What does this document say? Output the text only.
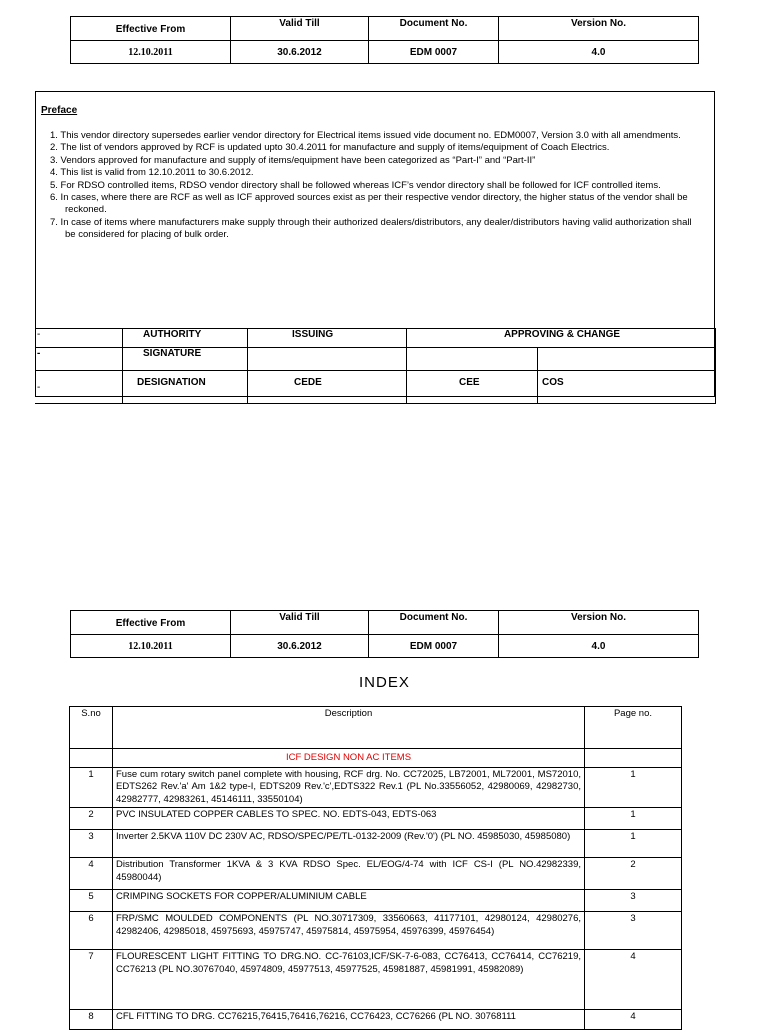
Effective From	Valid Till	Document No.	Version No.
12.10.2011	30.6.2012	EDM 0007	4.0
Preface
1. This vendor directory supersedes earlier vendor directory for Electrical items issued vide document no. EDM0007, Version 3.0 with all amendments.
2. The list of vendors approved by RCF is updated upto 30.4.2011 for manufacture and supply of items/equipment of Coach Electrics.
3. Vendors approved for manufacture and supply of items/equipment have been categorized as “Part-I” and “Part-II”
4. This list is valid from 12.10.2011 to 30.6.2012.
5. For RDSO controlled items, RDSO vendor directory shall be followed whereas ICF’s vendor directory shall be followed for ICF controlled items.
6. In cases, where there are RCF as well as ICF approved sources exist as per their respective vendor directory, the higher status of the vendor shall be reckoned.
7. In case of items where manufacturers make supply through their authorized dealers/distributors, any dealer/distributors having valid authorization shall be considered for placing of bulk order.
-	AUTHORITY	ISSUING	APPROVING & CHANGE	
-	SIGNATURE			
-	DESIGNATION	CEDE	CEE	COS
Effective From	Valid Till	Document No.	Version No.
12.10.2011	30.6.2012	EDM 0007	4.0
INDEX
S.no	Description	Page no.
	ICF DESIGN NON AC ITEMS	
1	Fuse cum rotary switch panel complete with housing, RCF drg. No. CC72025, LB72001, ML72001, MS72010, EDTS262 Rev.'a' Am 1&2 type-I, EDTS209 Rev.'c',EDTS322 Rev.1 (PL No.33556052, 42980069, 42982730, 42982777, 42983261, 45146111, 33550104)	1
2	PVC INSULATED COPPER CABLES TO SPEC. NO. EDTS-043, EDTS-063	1
3	Inverter 2.5KVA 110V DC 230V AC, RDSO/SPEC/PE/TL-0132-2009 (Rev.'0') (PL NO. 45985030, 45985080)	1
4	Distribution Transformer 1KVA & 3 KVA RDSO Spec. EL/EOG/4-74 with ICF CS-I (PL NO.42982339, 45980044)	2
5	CRIMPING SOCKETS FOR COPPER/ALUMINIUM CABLE	3
6	FRP/SMC MOULDED COMPONENTS (PL NO.30717309, 33560663, 41177101, 42980124, 42980276, 42982406, 42985018, 45975693, 45975747, 45975814, 45975954, 45976399, 45976454)	3
7	FLOURESCENT LIGHT FITTING TO DRG.NO. CC-76103,ICF/SK-7-6-083, CC76413, CC76414, CC76219, CC76213 (PL NO.30767040, 45974809, 45977513, 45977525, 45981887, 45981991, 45982089)	4
8	CFL FITTING TO DRG. CC76215,76415,76416,76216, CC76423, CC76266 (PL NO. 30768111	4
